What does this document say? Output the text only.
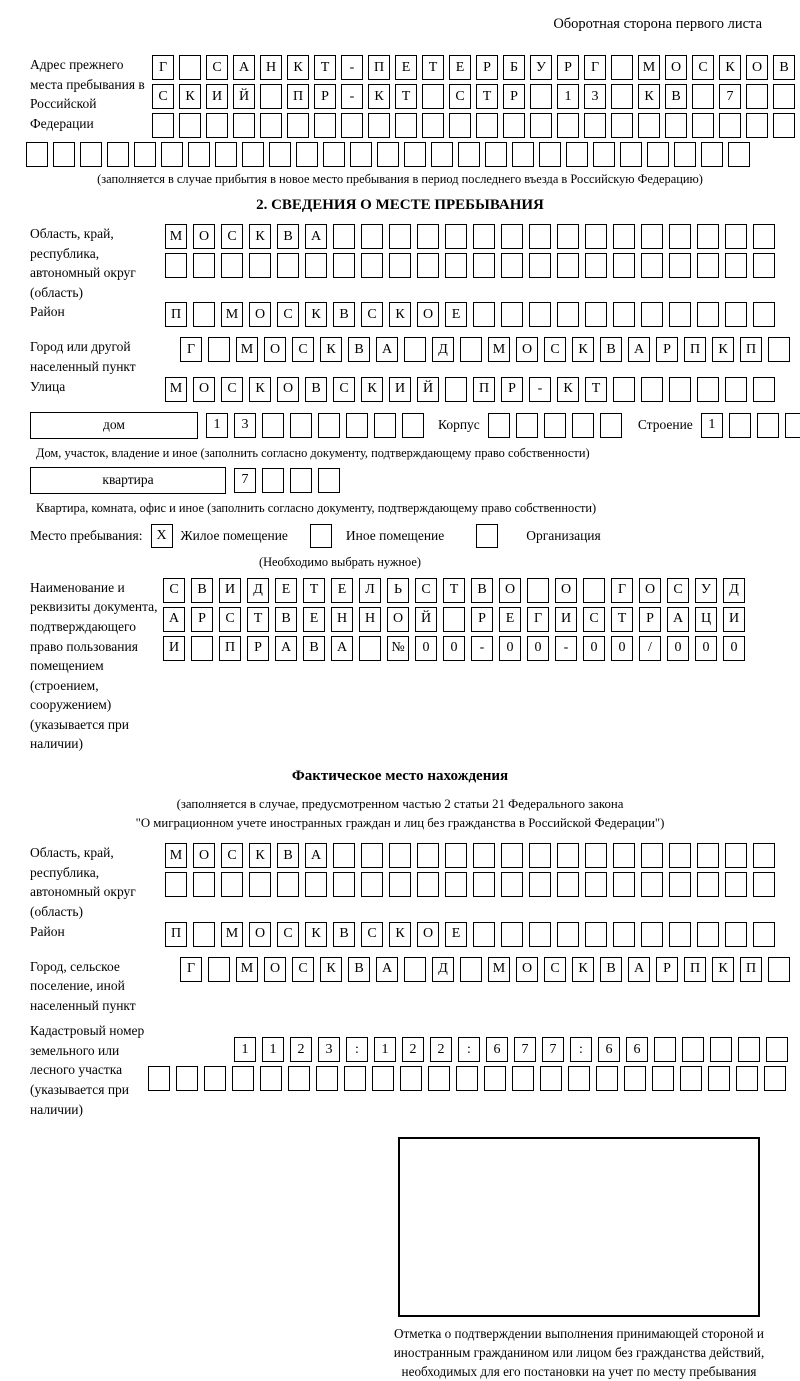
Оборотная сторона первого листа
Адрес прежнего места пребывания в Российской Федерации
Г	С	А	Н	К	Т	-	П	Е	Т	Е	Р	Б	У	Р	Г	М	О	С	К	О	В
С	К	И	Й	П	Р	-	К	Т	С	Т	Р	1	3	К	В	7
(заполняется в случае прибытия в новое место пребывания в период последнего въезда в Российскую Федерацию)
2. СВЕДЕНИЯ О МЕСТЕ ПРЕБЫВАНИЯ
Область, край, республика, автономный округ (область)
М	О	С	К	В	А
Район	П	М	О	С	К	В	С	К	О	Е
Город или другой населенный пункт
Г	М	О	С	К	В	А	Д	М	О	С	К	В	А	Р	П	К	П
Улица	М	О	С	К	О	В	С	К	И	Й	П	Р	-	К	Т
дом	1	3	Корпус	Строение	1
Дом, участок, владение и иное (заполнить согласно документу, подтверждающему право собственности)
квартира	7
Квартира, комната, офис и иное (заполнить согласно документу, подтверждающему право собственности)
Место пребывания: X	Жилое помещение	Иное помещение	Организация
(Необходимо выбрать нужное)
Наименование и реквизиты документа, подтверждающего право пользования помещением (строением, сооружением) (указывается при наличии)
С	В	И	Д	Е	Т	Е	Л	Ь	С	Т	В	О	О	Г	О	С	У	Д
А	Р	С	Т	В	Е	Н	Н	О	Й	Р	Е	Г	И	С	Т	Р	А	Ц	И
И	П	Р	А	В	А	№	0	0	-	0	0	-	0	0	/	0	0	0
Фактическое место нахождения
(заполняется в случае, предусмотренном частью 2 статьи 21 Федерального закона
"О миграционном учете иностранных граждан и лиц без гражданства в Российской Федерации")
Область, край, республика, автономный округ (область)
М	О	С	К	В	А
Район	П	М	О	С	К	В	С	К	О	Е
Город, сельское поселение, иной населенный пункт
Г	М	О	С	К	В	А	Д	М	О	С	К	В	А	Р	П	К	П
Кадастровый номер земельного или лесного участка (указывается при наличии)
1	1	2	3	:	1	2	2	:	6	7	7	:	6	6
Отметка о подтверждении выполнения принимающей стороной и иностранным гражданином или лицом без гражданства действий, необходимых для его постановки на учет по месту пребывания
